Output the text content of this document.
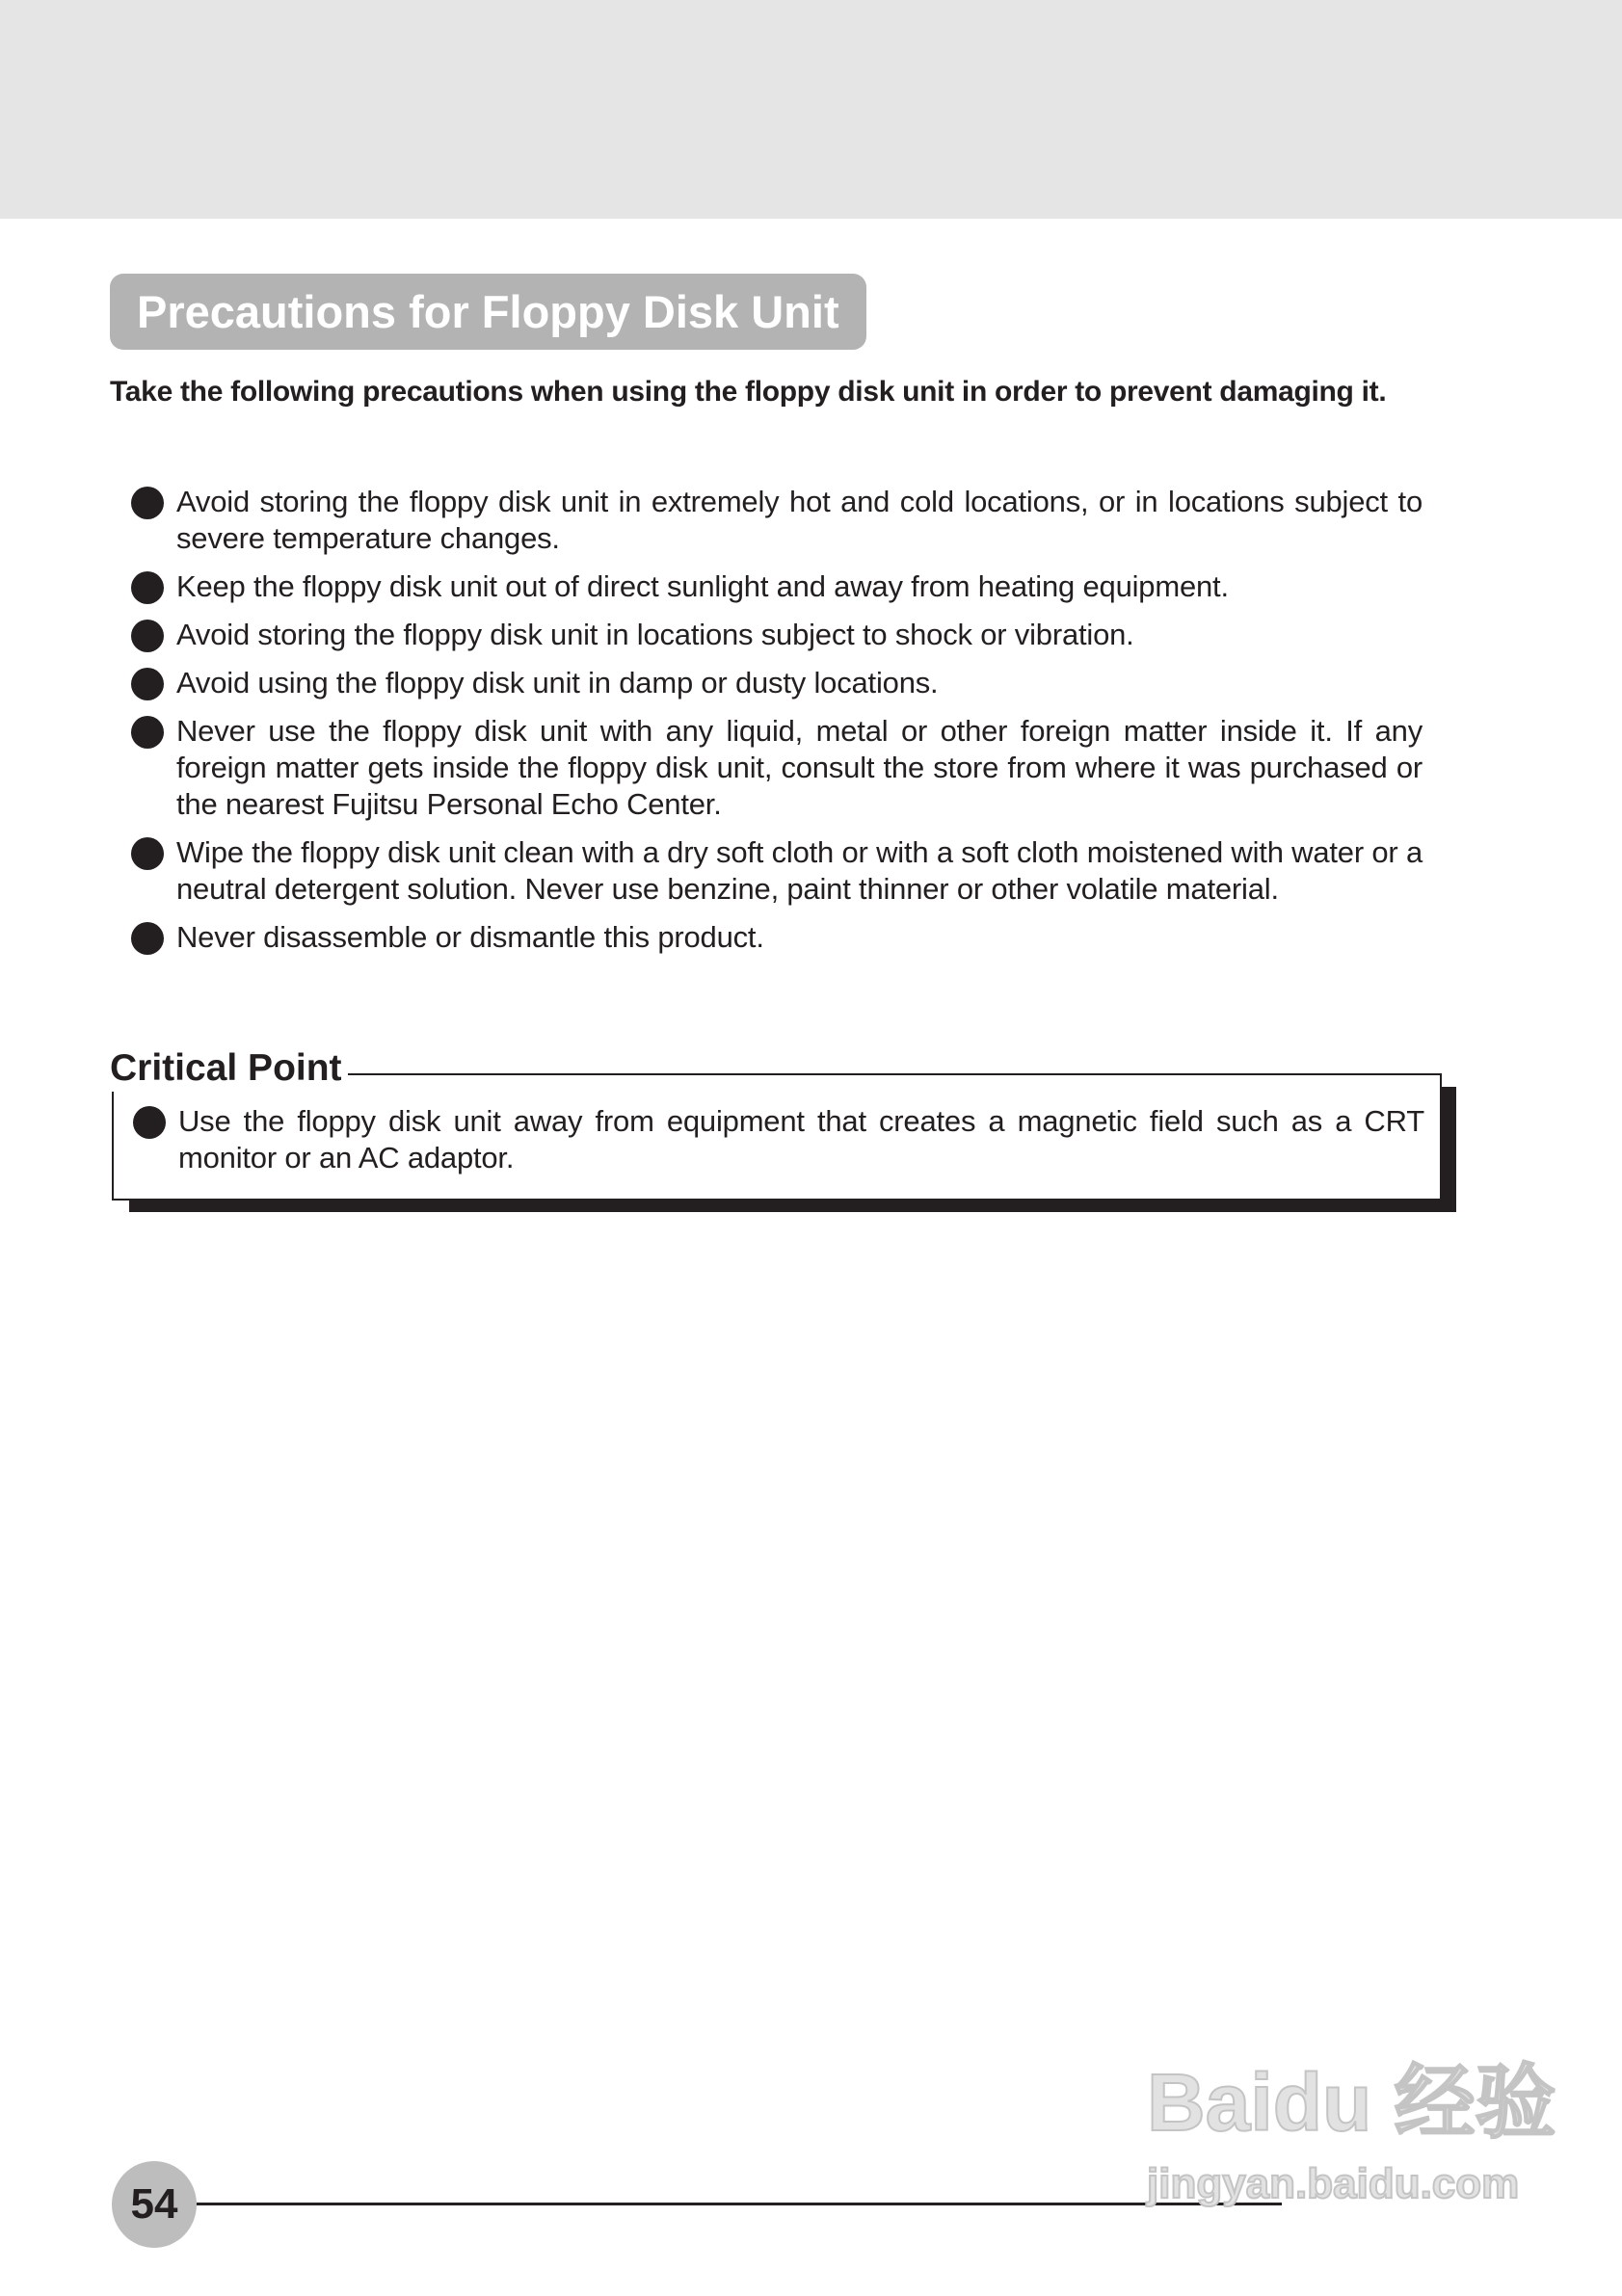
Precautions for Floppy Disk Unit
Take the following precautions when using the floppy disk unit in order to prevent damaging it.
Avoid storing the floppy disk unit in extremely hot and cold locations, or in locations subject to severe temperature changes.
Keep the floppy disk unit out of direct sunlight and away from heating equipment.
Avoid storing the floppy disk unit in locations subject to shock or vibration.
Avoid using the floppy disk unit in damp or dusty locations.
Never use the floppy disk unit with any liquid, metal or other foreign matter inside it. If any foreign matter gets inside the floppy disk unit, consult the store from where it was purchased or the nearest Fujitsu Personal Echo Center.
Wipe the floppy disk unit clean with a dry soft cloth or with a soft cloth moistened with water or a neutral detergent solution. Never use benzine, paint thinner or other volatile material.
Never disassemble or dismantle this product.
Use the floppy disk unit away from equipment that creates a magnetic field such as a CRT monitor or an AC adaptor.
Critical Point
54
Baidu 经验
jingyan.baidu.com
